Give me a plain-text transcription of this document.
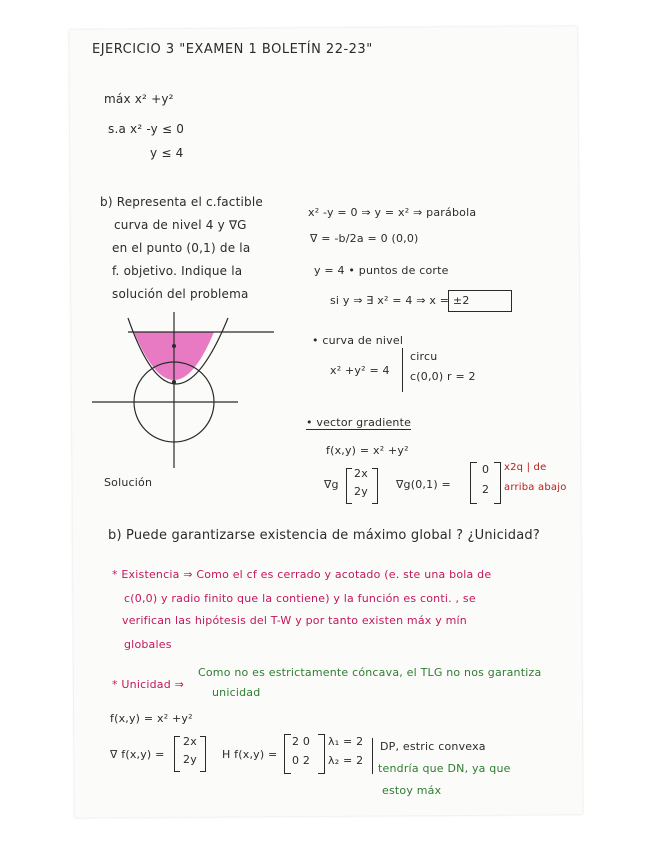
EJERCICIO 3 "EXAMEN 1 BOLETÍN 22-23"
máx x² +y²
s.a x² -y ≤ 0
y ≤ 4
b) Representa el c.factible
curva de nivel 4 y ∇G
en el punto (0,1) de la
f. objetivo. Indique la
solución del problema
x² -y = 0 ⇒ y = x² ⇒ parábola
∇ = -b/2a = 0 (0,0)
y = 4 • puntos de corte
si y ⇒ ∃ x² = 4 ⇒ x = ±2
• curva de nivel
x² +y² = 4
circu
c(0,0) r = 2
• vector gradiente
f(x,y) = x² +y²
∇g
2x
2y
∇g(0,1) =
0
2
x2q | de
arriba abajo
Solución
b) Puede garantizarse existencia de máximo global ? ¿Unicidad?
* Existencia ⇒ Como el cf es cerrado y acotado (e. ste una bola de
c(0,0) y radio finito que la contiene) y la función es conti. , se
verifican las hipótesis del T-W y por tanto existen máx y mín
globales
* Unicidad ⇒
Como no es estrictamente cóncava, el TLG no nos garantiza
unicidad
f(x,y) = x² +y²
∇ f(x,y) =
2x
2y H f(x,y) =
2 0
0 2
λ₁ = 2
λ₂ = 2
DP, estric convexa
tendría que DN, ya que
estoy máx
